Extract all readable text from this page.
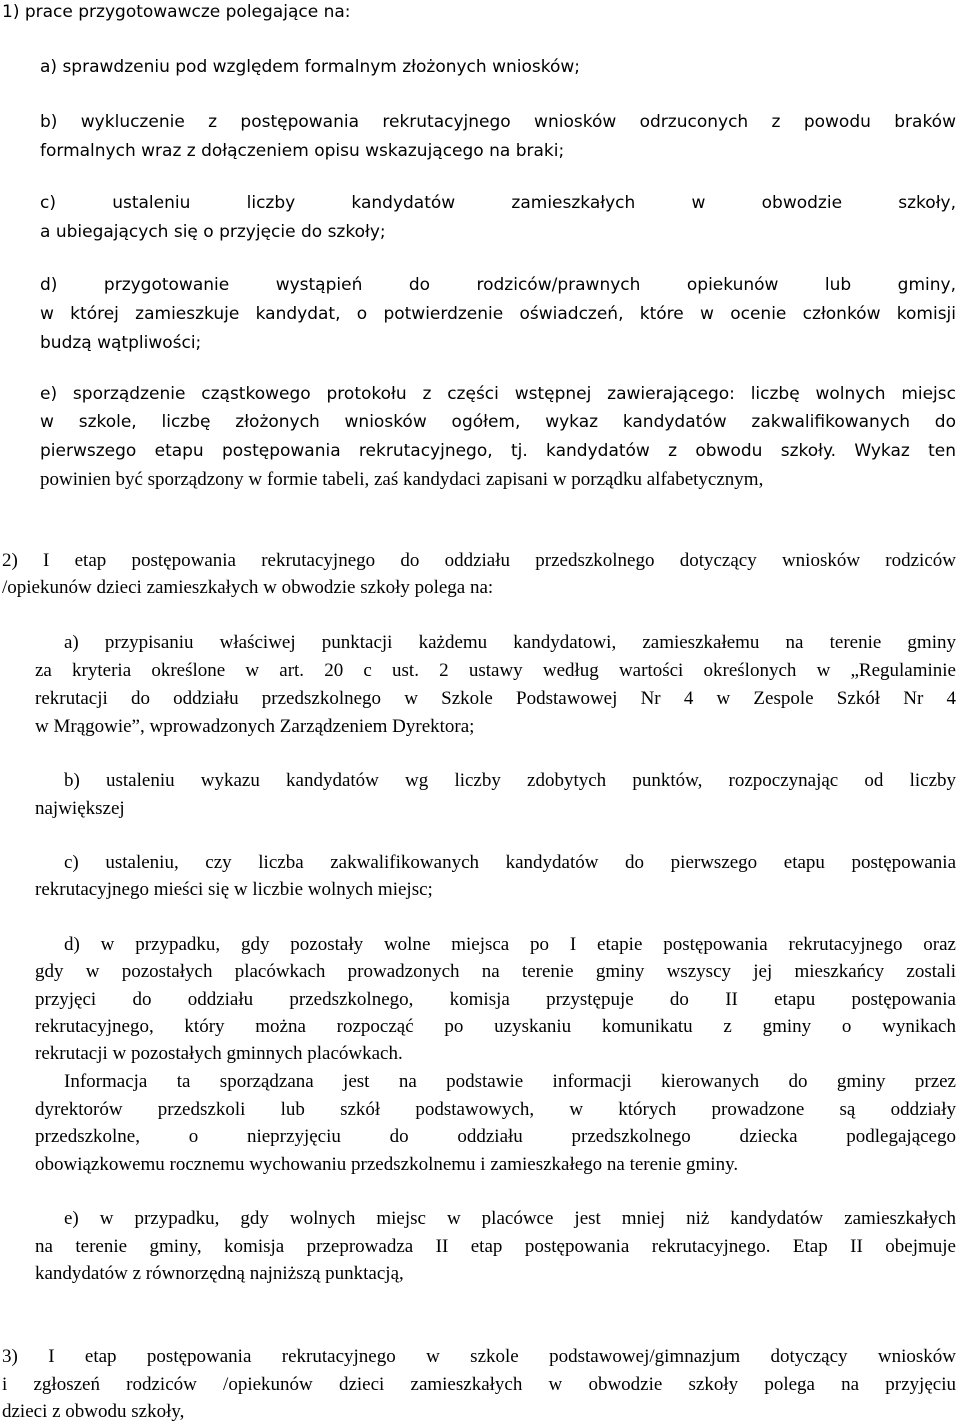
1) prace przygotowawcze polegające na:
a) sprawdzeniu pod względem formalnym złożonych wniosków;
b) wykluczenie z postępowania rekrutacyjnego wniosków odrzuconych z powodu braków
formalnych wraz z dołączeniem opisu wskazującego na braki;
c) ustaleniu liczby kandydatów zamieszkałych w obwodzie szkoły,
a ubiegających się o przyjęcie do szkoły;
d) przygotowanie wystąpień do rodziców/prawnych opiekunów lub gminy,
w której zamieszkuje kandydat, o potwierdzenie oświadczeń, które w ocenie członków komisji
budzą wątpliwości;
e) sporządzenie cząstkowego protokołu z części wstępnej zawierającego: liczbę wolnych miejsc
w szkole, liczbę złożonych wniosków ogółem, wykaz kandydatów zakwalifikowanych do
pierwszego etapu postępowania rekrutacyjnego, tj. kandydatów z obwodu szkoły. Wykaz ten
powinien być sporządzony w formie tabeli, zaś kandydaci zapisani w porządku alfabetycznym,
2) I etap postępowania rekrutacyjnego do oddziału przedszkolnego dotyczący wniosków rodziców
/opiekunów dzieci zamieszkałych w obwodzie szkoły polega na:
a) przypisaniu właściwej punktacji każdemu kandydatowi, zamieszkałemu na terenie gminy
za kryteria określone w art. 20 c ust. 2 ustawy według wartości określonych w „Regulaminie
rekrutacji do oddziału przedszkolnego w Szkole Podstawowej Nr 4 w Zespole Szkół Nr 4
w Mrągowie”, wprowadzonych Zarządzeniem Dyrektora;
b) ustaleniu wykazu kandydatów wg liczby zdobytych punktów, rozpoczynając od liczby
największej
c) ustaleniu, czy liczba zakwalifikowanych kandydatów do pierwszego etapu postępowania
rekrutacyjnego mieści się w liczbie wolnych miejsc;
d) w przypadku, gdy pozostały wolne miejsca po I etapie postępowania rekrutacyjnego oraz
gdy w pozostałych placówkach prowadzonych na terenie gminy wszyscy jej mieszkańcy zostali
przyjęci do oddziału przedszkolnego, komisja przystępuje do II etapu postępowania
rekrutacyjnego, który można rozpocząć po uzyskaniu komunikatu z gminy o wynikach
rekrutacji w pozostałych gminnych placówkach.
Informacja ta sporządzana jest na podstawie informacji kierowanych do gminy przez
dyrektorów przedszkoli lub szkół podstawowych, w których prowadzone są oddziały
przedszkolne, o nieprzyjęciu do oddziału przedszkolnego dziecka podlegającego
obowiązkowemu rocznemu wychowaniu przedszkolnemu i zamieszkałego na terenie gminy.
e) w przypadku, gdy wolnych miejsc w placówce jest mniej niż kandydatów zamieszkałych
na terenie gminy, komisja przeprowadza II etap postępowania rekrutacyjnego. Etap II obejmuje
kandydatów z równorzędną najniższą punktacją,
3) I etap postępowania rekrutacyjnego w szkole podstawowej/gimnazjum dotyczący wniosków
i zgłoszeń rodziców /opiekunów dzieci zamieszkałych w obwodzie szkoły polega na przyjęciu
dzieci z obwodu szkoły,
